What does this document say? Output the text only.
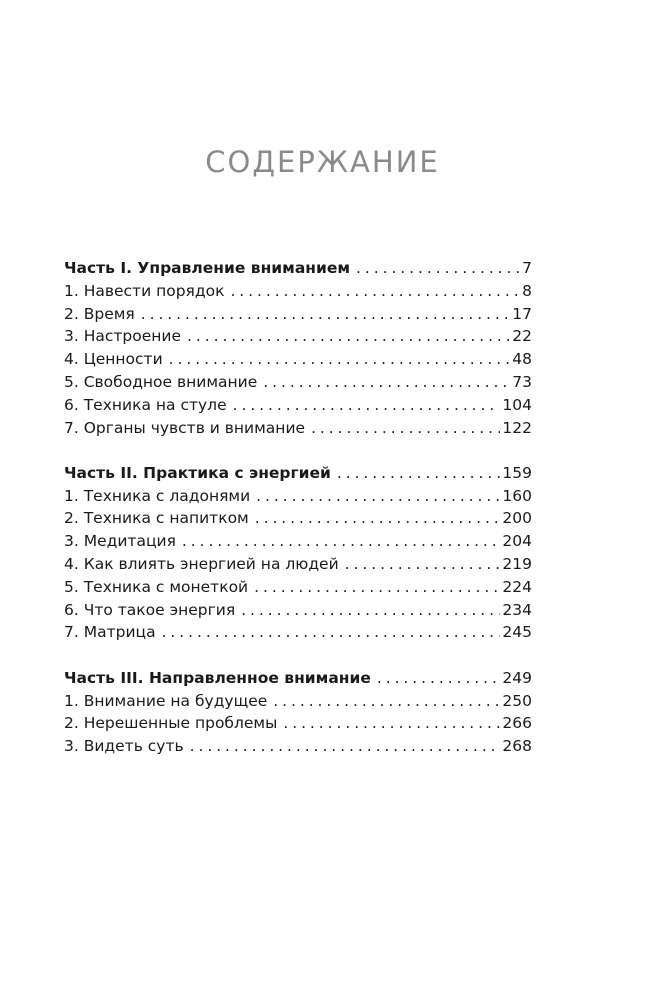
СОДЕРЖАНИЕ
Часть I. Управление вниманием . . .	7
1. Навести порядок . . .	8
2. Время . . .	17
3. Настроение . . .	22
4. Ценности . . .	48
5. Свободное внимание . . .	73
6. Техника на стуле . . .	104
7. Органы чувств и внимание . . .	122
Часть II. Практика с энергией . . .	159
1. Техника с ладонями . . .	160
2. Техника с напитком . . .	200
3. Медитация . . .	204
4. Как влиять энергией на людей . . .	219
5. Техника с монеткой . . .	224
6. Что такое энергия . . .	234
7. Матрица . . .	245
Часть III. Направленное внимание . . .	249
1. Внимание на будущее . . .	250
2. Нерешенные проблемы . . .	266
3. Видеть суть . . .	268
